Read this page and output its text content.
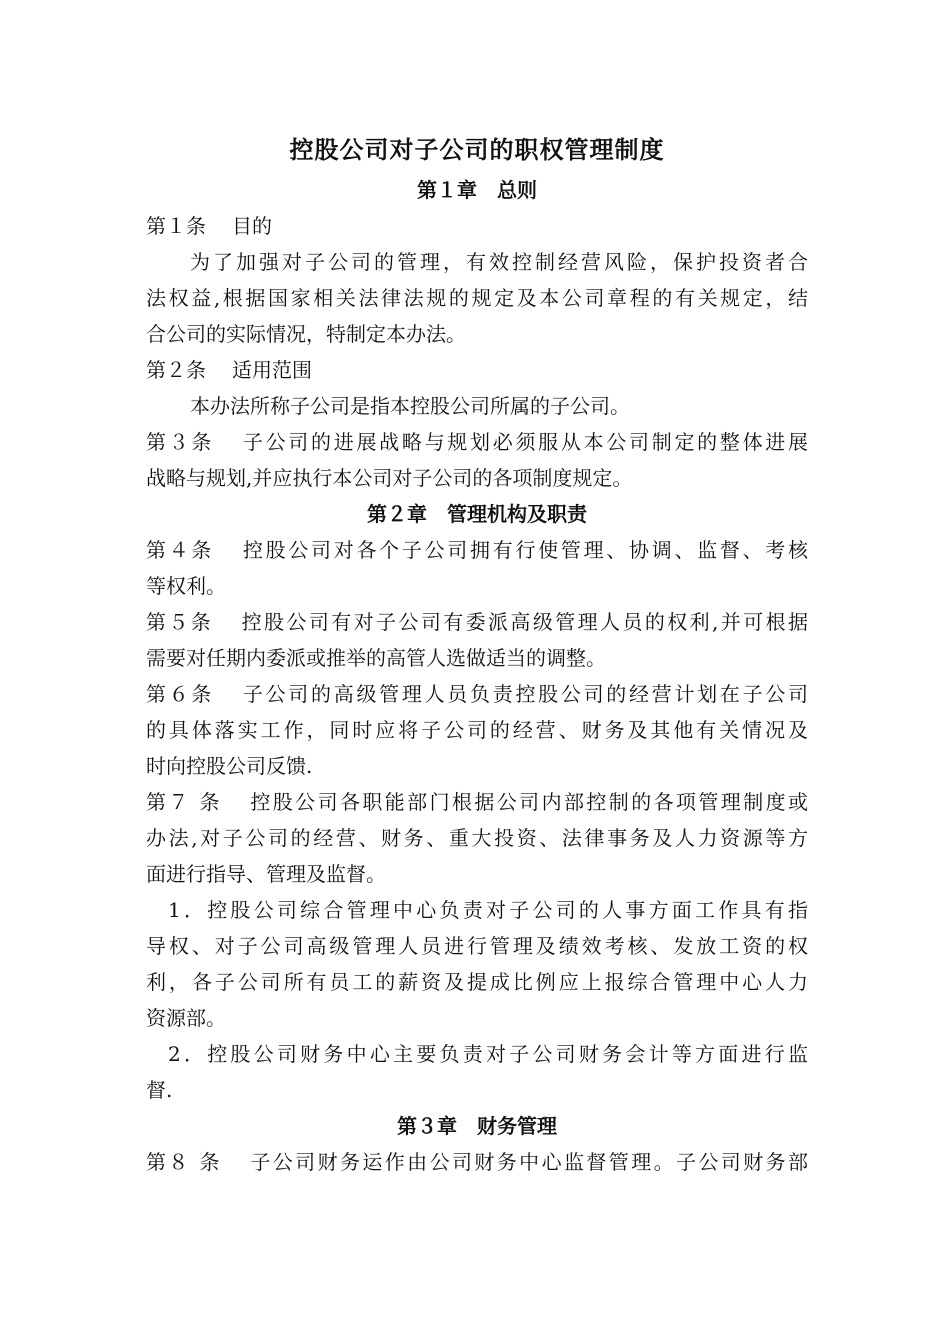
控股公司对子公司的职权管理制度
第１章　总则

第１条 目的

为了加强对子公司的管理，有效控制经营风险，保护投资者合

法权益,根据国家相关法律法规的规定及本公司章程的有关规定，结

合公司的实际情况，特制定本办法。

第２条 适用范围

本办法所称子公司是指本控股公司所属的子公司。

第３条 子公司的进展战略与规划必须服从本公司制定的整体进展

战略与规划,并应执行本公司对子公司的各项制度规定。

第２章　管理机构及职责

第４条 控股公司对各个子公司拥有行使管理、协调、监督、考核

等权利。

第５条 控股公司有对子公司有委派高级管理人员的权利,并可根据

需要对任期内委派或推举的高管人选做适当的调整。

第６条 子公司的高级管理人员负责控股公司的经营计划在子公司

的具体落实工作，同时应将子公司的经营、财务及其他有关情况及

时向控股公司反馈.

第７ 条 控股公司各职能部门根据公司内部控制的各项管理制度或

办法,对子公司的经营、财务、重大投资、法律事务及人力资源等方

面进行指导、管理及监督。

1．控股公司综合管理中心负责对子公司的人事方面工作具有指

导权、对子公司高级管理人员进行管理及绩效考核、发放工资的权

利，各子公司所有员工的薪资及提成比例应上报综合管理中心人力

资源部。

2．控股公司财务中心主要负责对子公司财务会计等方面进行监

督.

第３章　财务管理

第８ 条 子公司财务运作由公司财务中心监督管理。子公司财务部
